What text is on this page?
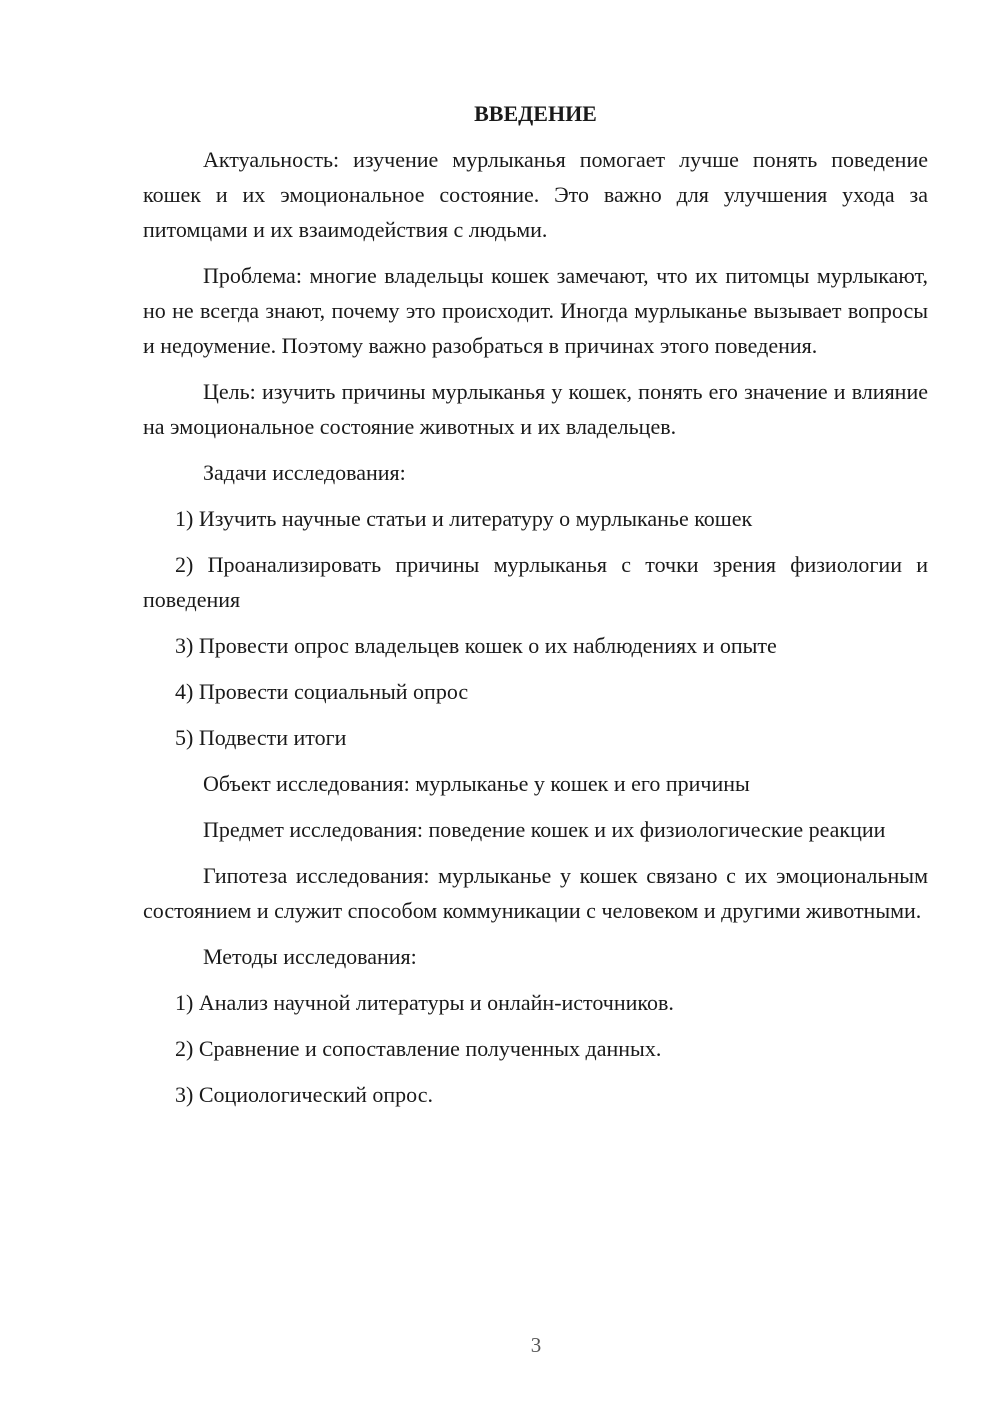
ВВЕДЕНИЕ

Актуальность: изучение мурлыканья помогает лучше понять поведение кошек и их эмоциональное состояние. Это важно для улучшения ухода за питомцами и их взаимодействия с людьми.

Проблема: многие владельцы кошек замечают, что их питомцы мурлыкают, но не всегда знают, почему это происходит. Иногда мурлыканье вызывает вопросы и недоумение. Поэтому важно разобраться в причинах этого поведения.

Цель: изучить причины мурлыканья у кошек, понять его значение и влияние на эмоциональное состояние животных и их владельцев.

Задачи исследования:

1) Изучить научные статьи и литературу о мурлыканье кошек

2) Проанализировать причины мурлыканья с точки зрения физиологии и поведения

3) Провести опрос владельцев кошек о их наблюдениях и опыте

4) Провести социальный опрос

5) Подвести итоги

Объект исследования: мурлыканье у кошек и его причины

Предмет исследования: поведение кошек и их физиологические реакции

Гипотеза исследования: мурлыканье у кошек связано с их эмоциональным состоянием и служит способом коммуникации с человеком и другими животными.

Методы исследования:

1) Анализ научной литературы и онлайн-источников.

2) Сравнение и сопоставление полученных данных.

3) Социологический опрос.

3
